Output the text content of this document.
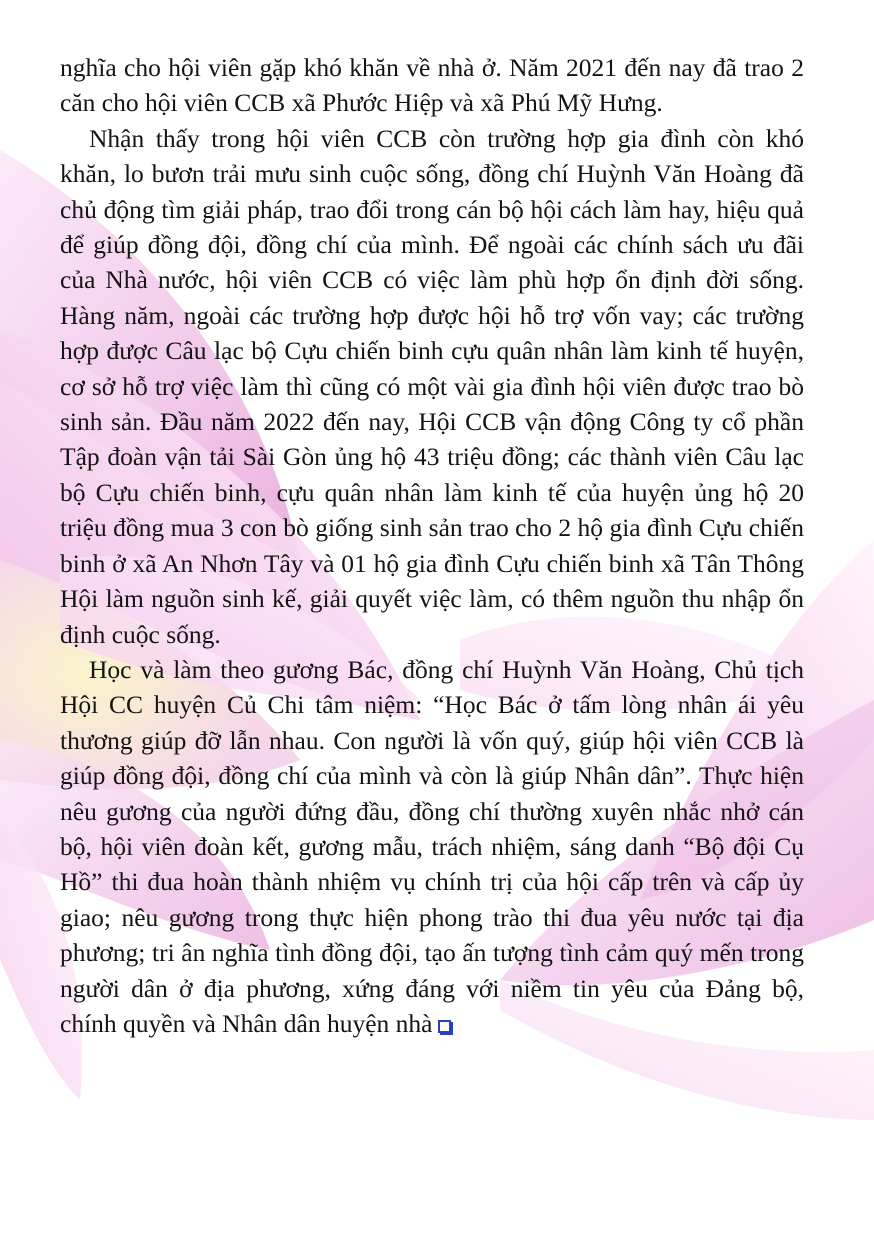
nghĩa cho hội viên gặp khó khăn về nhà ở. Năm 2021 đến nay đã trao 2 căn cho hội viên CCB xã Phước Hiệp và xã Phú Mỹ Hưng.

Nhận thấy trong hội viên CCB còn trường hợp gia đình còn khó khăn, lo bươn trải mưu sinh cuộc sống, đồng chí Huỳnh Văn Hoàng đã chủ động tìm giải pháp, trao đổi trong cán bộ hội cách làm hay, hiệu quả để giúp đồng đội, đồng chí của mình. Để ngoài các chính sách ưu đãi của Nhà nước, hội viên CCB có việc làm phù hợp ổn định đời sống. Hàng năm, ngoài các trường hợp được hội hỗ trợ vốn vay; các trường hợp được Câu lạc bộ Cựu chiến binh cựu quân nhân làm kinh tế huyện, cơ sở hỗ trợ việc làm thì cũng có một vài gia đình hội viên được trao bò sinh sản. Đầu năm 2022 đến nay, Hội CCB vận động Công ty cổ phần Tập đoàn vận tải Sài Gòn ủng hộ 43 triệu đồng; các thành viên Câu lạc bộ Cựu chiến binh, cựu quân nhân làm kinh tế của huyện ủng hộ 20 triệu đồng mua 3 con bò giống sinh sản trao cho 2 hộ gia đình Cựu chiến binh ở xã An Nhơn Tây và 01 hộ gia đình Cựu chiến binh xã Tân Thông Hội làm nguồn sinh kế, giải quyết việc làm, có thêm nguồn thu nhập ổn định cuộc sống.

Học và làm theo gương Bác, đồng chí Huỳnh Văn Hoàng, Chủ tịch Hội CC huyện Củ Chi tâm niệm: “Học Bác ở tấm lòng nhân ái yêu thương giúp đỡ lẫn nhau. Con người là vốn quý, giúp hội viên CCB là giúp đồng đội, đồng chí của mình và còn là giúp Nhân dân”. Thực hiện nêu gương của người đứng đầu, đồng chí thường xuyên nhắc nhở cán bộ, hội viên đoàn kết, gương mẫu, trách nhiệm, sáng danh “Bộ đội Cụ Hồ” thi đua hoàn thành nhiệm vụ chính trị của hội cấp trên và cấp ủy giao; nêu gương trong thực hiện phong trào thi đua yêu nước tại địa phương; tri ân nghĩa tình đồng đội, tạo ấn tượng tình cảm quý mến trong người dân ở địa phương, xứng đáng với niềm tin yêu của Đảng bộ, chính quyền và Nhân dân huyện nhà
